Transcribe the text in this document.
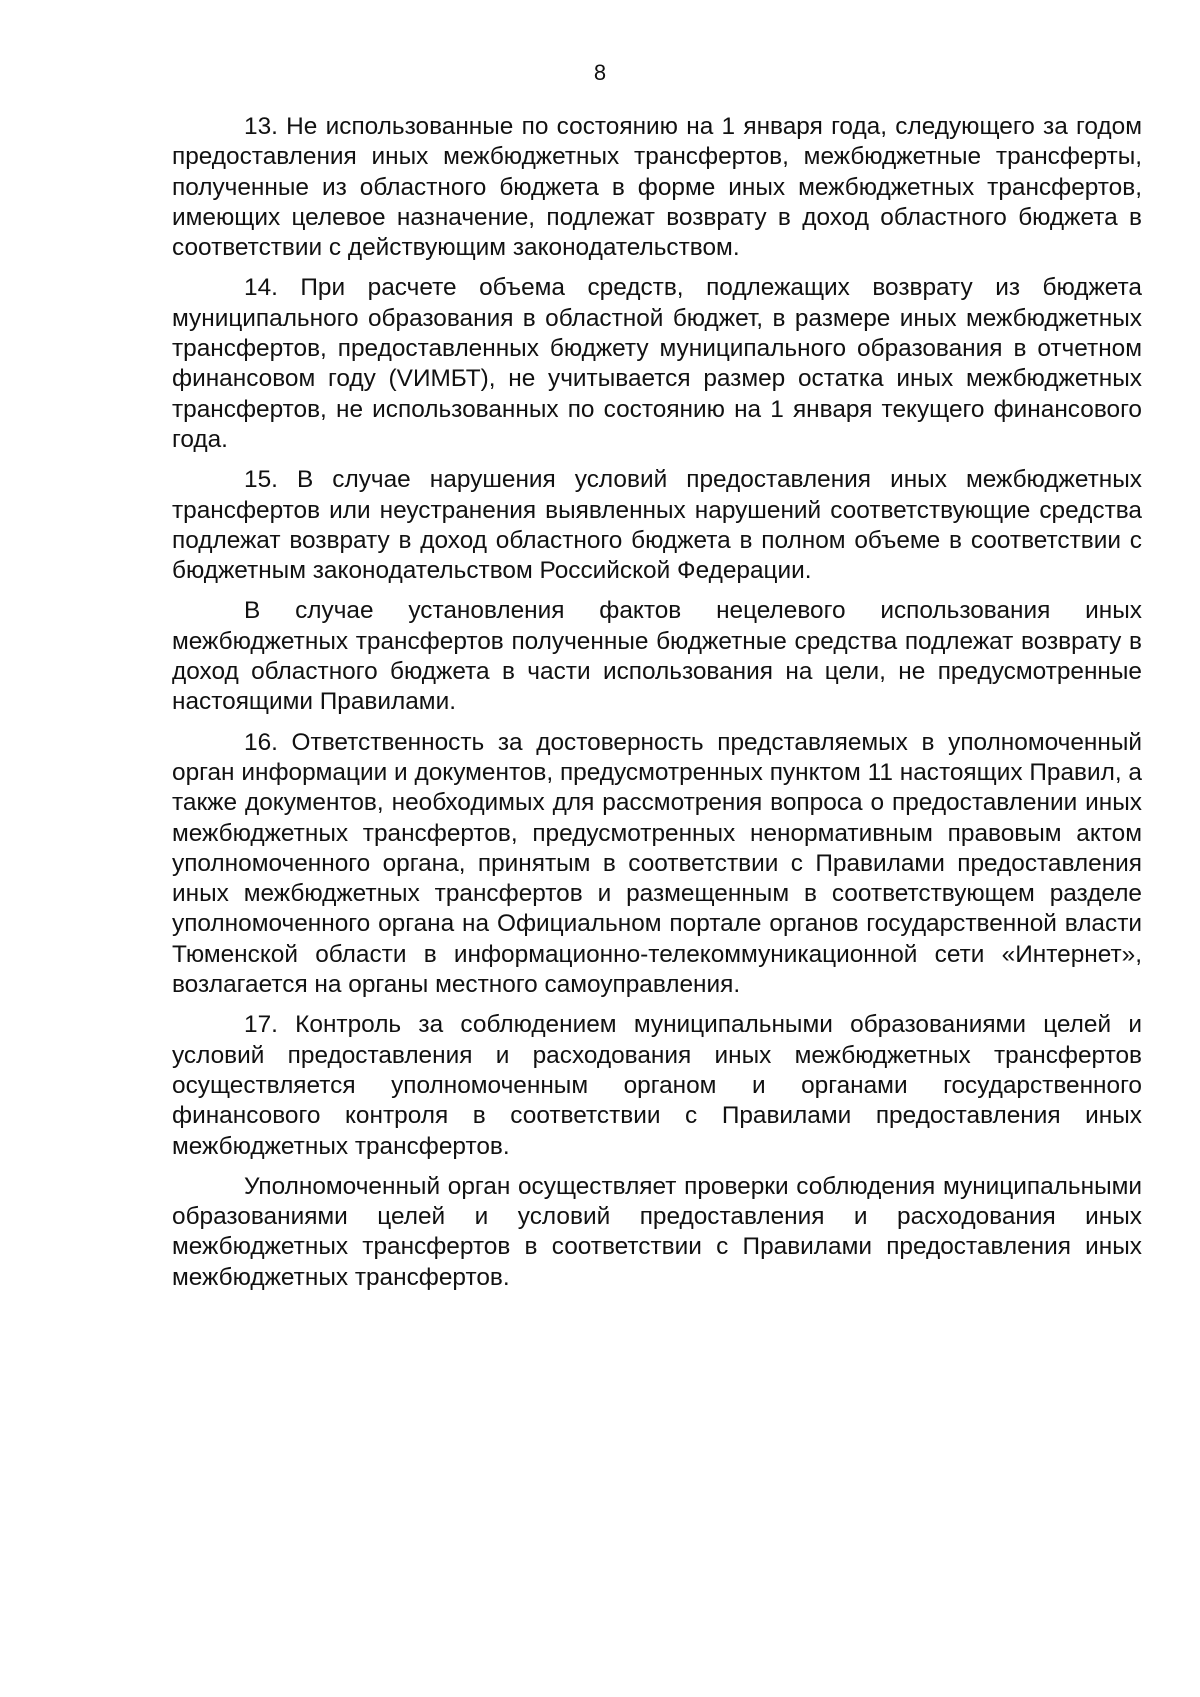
8

13. Не использованные по состоянию на 1 января года, следующего за годом предоставления иных межбюджетных трансфертов, межбюджетные трансферты, полученные из областного бюджета в форме иных межбюджетных трансфертов, имеющих целевое назначение, подлежат возврату в доход областного бюджета в соответствии с действующим законодательством.

14. При расчете объема средств, подлежащих возврату из бюджета муниципального образования в областной бюджет, в размере иных межбюджетных трансфертов, предоставленных бюджету муниципального образования в отчетном финансовом году (VИМБТ), не учитывается размер остатка иных межбюджетных трансфертов, не использованных по состоянию на 1 января текущего финансового года.

15. В случае нарушения условий предоставления иных межбюджетных трансфертов или неустранения выявленных нарушений соответствующие средства подлежат возврату в доход областного бюджета в полном объеме в соответствии с бюджетным законодательством Российской Федерации.

В случае установления фактов нецелевого использования иных межбюджетных трансфертов полученные бюджетные средства подлежат возврату в доход областного бюджета в части использования на цели, не предусмотренные настоящими Правилами.

16. Ответственность за достоверность представляемых в уполномоченный орган информации и документов, предусмотренных пунктом 11 настоящих Правил, а также документов, необходимых для рассмотрения вопроса о предоставлении иных межбюджетных трансфертов, предусмотренных ненормативным правовым актом уполномоченного органа, принятым в соответствии с Правилами предоставления иных межбюджетных трансфертов и размещенным в соответствующем разделе уполномоченного органа на Официальном портале органов государственной власти Тюменской области в информационно-телекоммуникационной сети «Интернет», возлагается на органы местного самоуправления.

17. Контроль за соблюдением муниципальными образованиями целей и условий предоставления и расходования иных межбюджетных трансфертов осуществляется уполномоченным органом и органами государственного финансового контроля в соответствии с Правилами предоставления иных межбюджетных трансфертов.

Уполномоченный орган осуществляет проверки соблюдения муниципальными образованиями целей и условий предоставления и расходования иных межбюджетных трансфертов в соответствии с Правилами предоставления иных межбюджетных трансфертов.
